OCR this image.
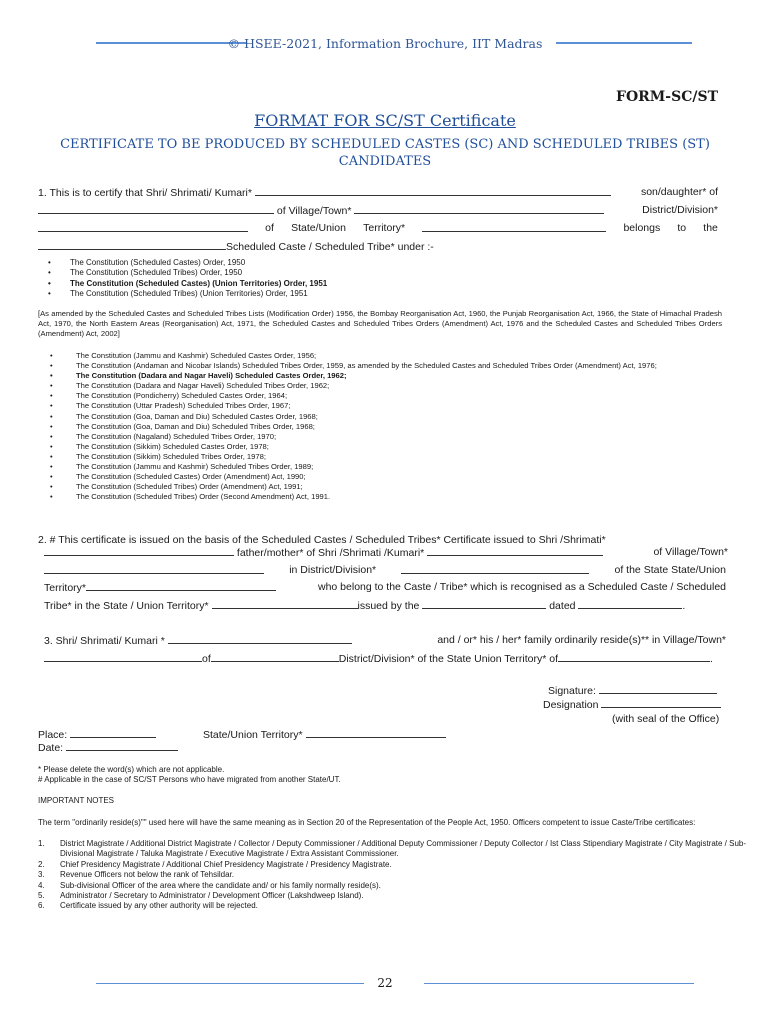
© HSEE-2021, Information Brochure, IIT Madras
FORM-SC/ST
FORMAT FOR SC/ST Certificate
CERTIFICATE TO BE PRODUCED BY SCHEDULED CASTES (SC) AND SCHEDULED TRIBES (ST) CANDIDATES
1. This is to certify that Shri/ Shrimati/ Kumari*	son/daughter* of
of Village/Town*	District/Division*
of State/Union Territory*	belongs to the
Scheduled Caste / Scheduled Tribe* under :-
• The Constitution (Scheduled Castes) Order, 1950
• The Constitution (Scheduled Tribes) Order, 1950
• The Constitution (Scheduled Castes) (Union Territories) Order, 1951
• The Constitution (Scheduled Tribes) (Union Territories) Order, 1951
[As amended by the Scheduled Castes and Scheduled Tribes Lists (Modification Order) 1956, the Bombay Reorganisation Act, 1960, the Punjab Reorganisation Act, 1966, the State of Himachal Pradesh Act, 1970, the North Eastern Areas (Reorganisation) Act, 1971, the Scheduled Castes and Scheduled Tribes Orders (Amendment) Act, 1976 and the Scheduled Castes and Scheduled Tribes Orders (Amendment) Act, 2002]
• The Constitution (Jammu and Kashmir) Scheduled Castes Order, 1956;
• The Constitution (Andaman and Nicobar Islands) Scheduled Tribes Order, 1959, as amended by the Scheduled Castes and Scheduled Tribes Order (Amendment) Act, 1976;
• The Constitution (Dadara and Nagar Haveli) Scheduled Castes Order, 1962;
• The Constitution (Dadara and Nagar Haveli) Scheduled Tribes Order, 1962;
• The Constitution (Pondicherry) Scheduled Castes Order, 1964;
• The Constitution (Uttar Pradesh) Scheduled Tribes Order, 1967;
• The Constitution (Goa, Daman and Diu) Scheduled Castes Order, 1968;
• The Constitution (Goa, Daman and Diu) Scheduled Tribes Order, 1968;
• The Constitution (Nagaland) Scheduled Tribes Order, 1970;
• The Constitution (Sikkim) Scheduled Castes Order, 1978;
• The Constitution (Sikkim) Scheduled Tribes Order, 1978;
• The Constitution (Jammu and Kashmir) Scheduled Tribes Order, 1989;
• The Constitution (Scheduled Castes) Order (Amendment) Act, 1990;
• The Constitution (Scheduled Tribes) Order (Amendment) Act, 1991;
• The Constitution (Scheduled Tribes) Order (Second Amendment) Act, 1991.
2. # This certificate is issued on the basis of the Scheduled Castes / Scheduled Tribes* Certificate issued to Shri /Shrimati*
father/mother* of Shri /Shrimati /Kumari*	of Village/Town*
in District/Division*	of the State State/Union
Territory*	who belong to the Caste / Tribe* which is recognised as a Scheduled Caste / Scheduled
Tribe* in the State / Union Territory*	issued by the	dated	.
3. Shri/ Shrimati/ Kumari *	and / or* his / her* family ordinarily reside(s)** in Village/Town*
of	District/Division* of the State Union Territory* of	.
Signature:
Designation
(with seal of the Office)
Place:	State/Union Territory*
Date:
* Please delete the word(s) which are not applicable.
# Applicable in the case of SC/ST Persons who have migrated from another State/UT.
IMPORTANT NOTES
The term "ordinarily reside(s)"" used here will have the same meaning as in Section 20 of the Representation of the People Act, 1950. Officers competent to issue Caste/Tribe certificates:
1. District Magistrate / Additional District Magistrate / Collector / Deputy Commissioner / Additional Deputy Commissioner / Deputy Collector / Ist Class Stipendiary Magistrate / City Magistrate / Sub-Divisional Magistrate / Taluka Magistrate / Executive Magistrate / Extra Assistant Commissioner.
2. Chief Presidency Magistrate / Additional Chief Presidency Magistrate / Presidency Magistrate.
3. Revenue Officers not below the rank of Tehsildar.
4. Sub-divisional Officer of the area where the candidate and/ or his family normally reside(s).
5. Administrator / Secretary to Administrator / Development Officer (Lakshdweep Island).
6. Certificate issued by any other authority will be rejected.
22
